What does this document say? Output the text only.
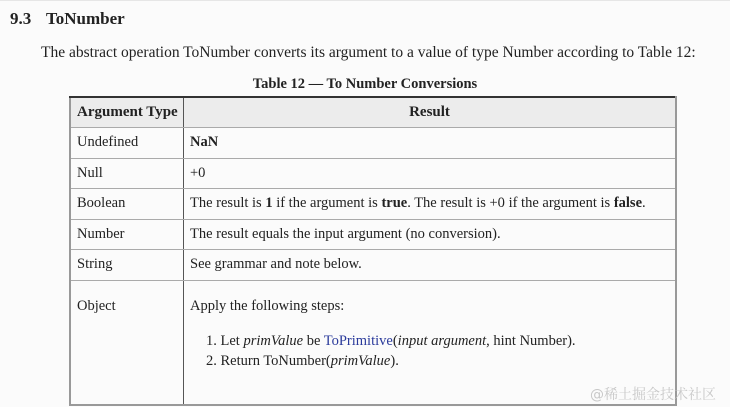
9.3 ToNumber
The abstract operation ToNumber converts its argument to a value of type Number according to Table 12:
Table 12 — To Number Conversions
Argument Type	Result
Undefined	NaN
Null	+0
Boolean	The result is 1 if the argument is true. The result is +0 if the argument is false.
Number	The result equals the input argument (no conversion).
String	See grammar and note below.
Object	Apply the following steps:
1. Let primValue be ToPrimitive(input argument, hint Number).
2. Return ToNumber(primValue).
@稀土掘金技术社区
